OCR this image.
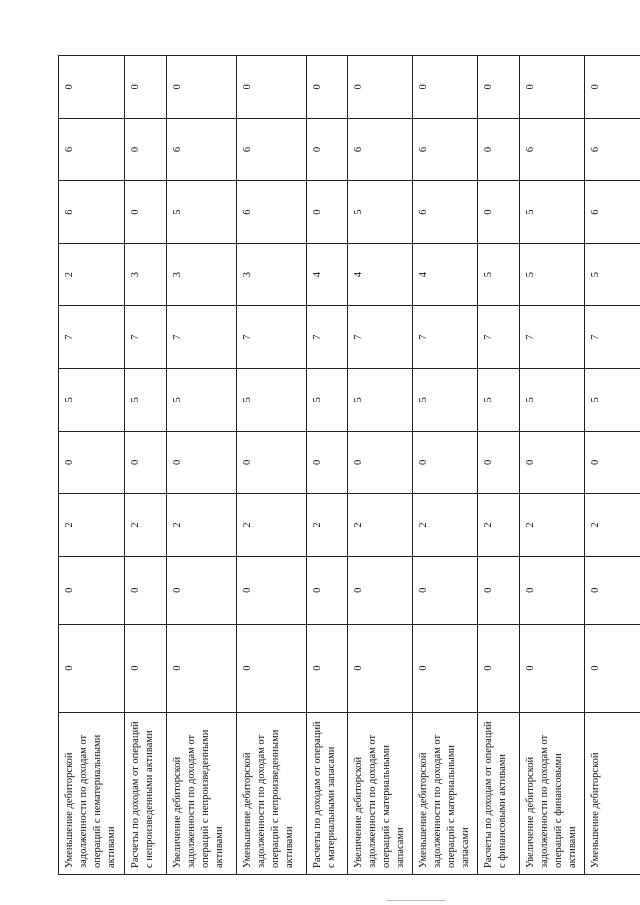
Уменьшение дебиторской задолженности по доходам от операций с нематериальными активами	0	0	2	0	5	7	2	6	6	0
Расчеты по доходам от операций с непроизведенными активами	0	0	2	0	5	7	3	0	0	0
Увеличение дебиторской задолженности по доходам от операций с непроизведенными активами	0	0	2	0	5	7	3	5	6	0
Уменьшение дебиторской задолженности по доходам от операций с непроизведенными активами	0	0	2	0	5	7	3	6	6	0
Расчеты по доходам от операций с материальными запасами	0	0	2	0	5	7	4	0	0	0
Увеличение дебиторской задолженности по доходам от операций с материальными запасами	0	0	2	0	5	7	4	5	6	0
Уменьшение дебиторской задолженности по доходам от операций с материальными запасами	0	0	2	0	5	7	4	6	6	0
Расчеты по доходам от операций с финансовыми активами	0	0	2	0	5	7	5	0	0	0
Увеличение дебиторской задолженности по доходам от операций с финансовыми активами	0	0	2	0	5	7	5	5	6	0
Уменьшение дебиторской	0	0	2	0	5	7	5	6	6	0
